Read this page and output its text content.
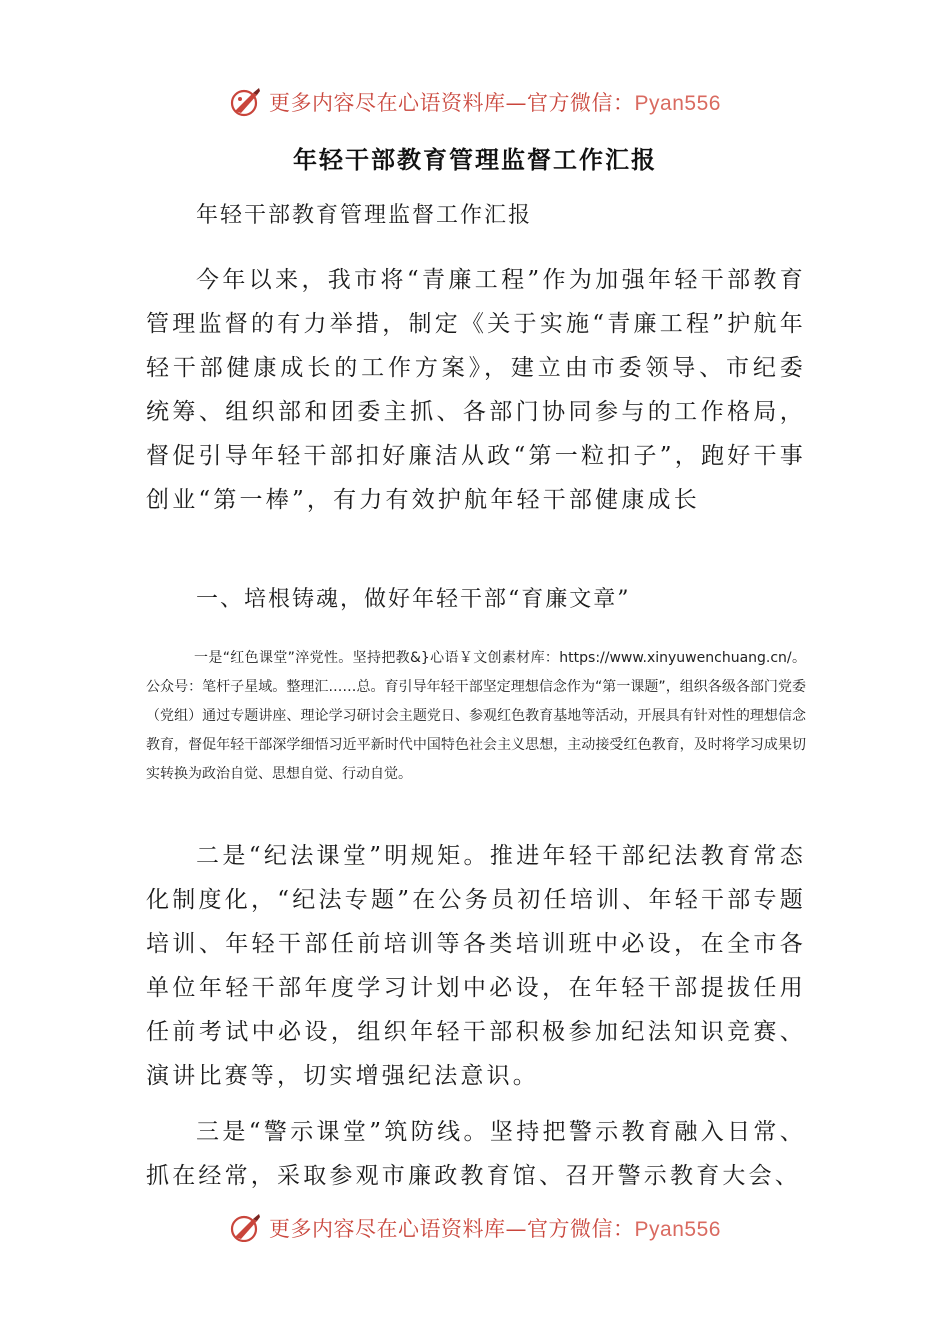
更多内容尽在心语资料库—官方微信：Pyan556
年轻干部教育管理监督工作汇报

年轻干部教育管理监督工作汇报

今年以来，我市将“青廉工程”作为加强年轻干部教育管理监督的有力举措，制定《关于实施“青廉工程”护航年轻干部健康成长的工作方案》，建立由市委领导、市纪委统筹、组织部和团委主抓、各部门协同参与的工作格局，督促引导年轻干部扣好廉洁从政“第一粒扣子”，跑好干事创业“第一棒”，有力有效护航年轻干部健康成长

一、培根铸魂，做好年轻干部“育廉文章”

一是“红色课堂”淬党性。坚持把教&}心语￥文创素材库：https://www.xinyuwenchuang.cn/。公众号：笔杆子星域。整理汇……总。育引导年轻干部坚定理想信念作为“第一课题”，组织各级各部门党委（党组）通过专题讲座、理论学习研讨会主题党日、参观红色教育基地等活动，开展具有针对性的理想信念教育，督促年轻干部深学细悟习近平新时代中国特色社会主义思想，主动接受红色教育，及时将学习成果切实转换为政治自觉、思想自觉、行动自觉。

二是“纪法课堂”明规矩。推进年轻干部纪法教育常态化制度化，“纪法专题”在公务员初任培训、年轻干部专题培训、年轻干部任前培训等各类培训班中必设，在全市各单位年轻干部年度学习计划中必设，在年轻干部提拔任用任前考试中必设，组织年轻干部积极参加纪法知识竞赛、演讲比赛等，切实增强纪法意识。

三是“警示课堂”筑防线。坚持把警示教育融入日常、抓在经常，采取参观市廉政教育馆、召开警示教育大会、

更多内容尽在心语资料库—官方微信：Pyan556
